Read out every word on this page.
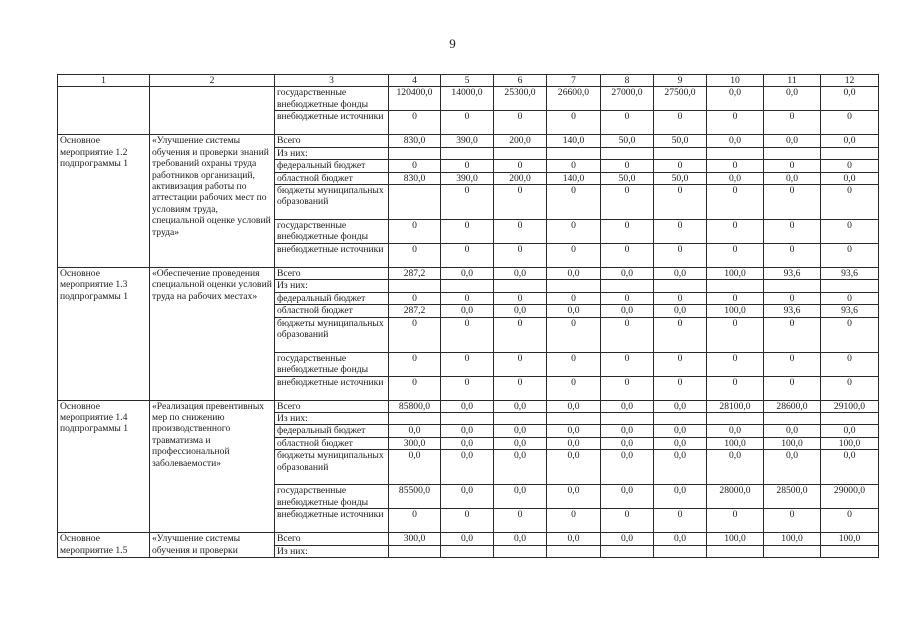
9
1	2	3	4	5	6	7	8	9	10	11	12
		государственные внебюджетные фонды	120400,0	14000,0	25300,0	26600,0	27000,0	27500,0	0,0	0,0	0,0
		внебюджетные источники	0	0	0	0	0	0	0	0	0
Основное мероприятие 1.2 подпрограммы 1	«Улучшение системы обучения и проверки знаний требований охраны труда работников организаций, активизация работы по аттестации рабочих мест по условиям труда, специальной оценке условий труда»	Всего	830,0	390,0	200,0	140,0	50,0	50,0	0,0	0,0	0,0
		Из них:									
		федеральный бюджет	0	0	0	0	0	0	0	0	0
		областной бюджет	830,0	390,0	200,0	140,0	50,0	50,0	0,0	0,0	0,0
		бюджеты муниципальных образований		0	0	0	0	0	0	0	0
		государственные внебюджетные фонды	0	0	0	0	0	0	0	0	0
		внебюджетные источники	0	0	0	0	0	0	0	0	0
Основное мероприятие 1.3 подпрограммы 1	«Обеспечение проведения специальной оценки условий труда на рабочих местах»	Всего	287,2	0,0	0,0	0,0	0,0	0,0	100,0	93,6	93,6
		Из них:									
		федеральный бюджет	0	0	0	0	0	0	0	0	0
		областной бюджет	287,2	0,0	0,0	0,0	0,0	0,0	100,0	93,6	93,6
		бюджеты муниципальных образований	0	0	0	0	0	0	0	0	0
		государственные внебюджетные фонды	0	0	0	0	0	0	0	0	0
		внебюджетные источники	0	0	0	0	0	0	0	0	0
Основное мероприятие 1.4 подпрограммы 1	«Реализация превентивных мер по снижению производственного травматизма и профессиональной заболеваемости»	Всего	85800,0	0,0	0,0	0,0	0,0	0,0	28100,0	28600,0	29100,0
		Из них:									
		федеральный бюджет	0,0	0,0	0,0	0,0	0,0	0,0	0,0	0,0	0,0
		областной бюджет	300,0	0,0	0,0	0,0	0,0	0,0	100,0	100,0	100,0
		бюджеты муниципальных образований	0,0	0,0	0,0	0,0	0,0	0,0	0,0	0,0	0,0
		государственные внебюджетные фонды	85500,0	0,0	0,0	0,0	0,0	0,0	28000,0	28500,0	29000,0
		внебюджетные источники	0	0	0	0	0	0	0	0	0
Основное мероприятие 1.5	«Улучшение системы обучения и проверки	Всего	300,0	0,0	0,0	0,0	0,0	0,0	100,0	100,0	100,0
		Из них:									
